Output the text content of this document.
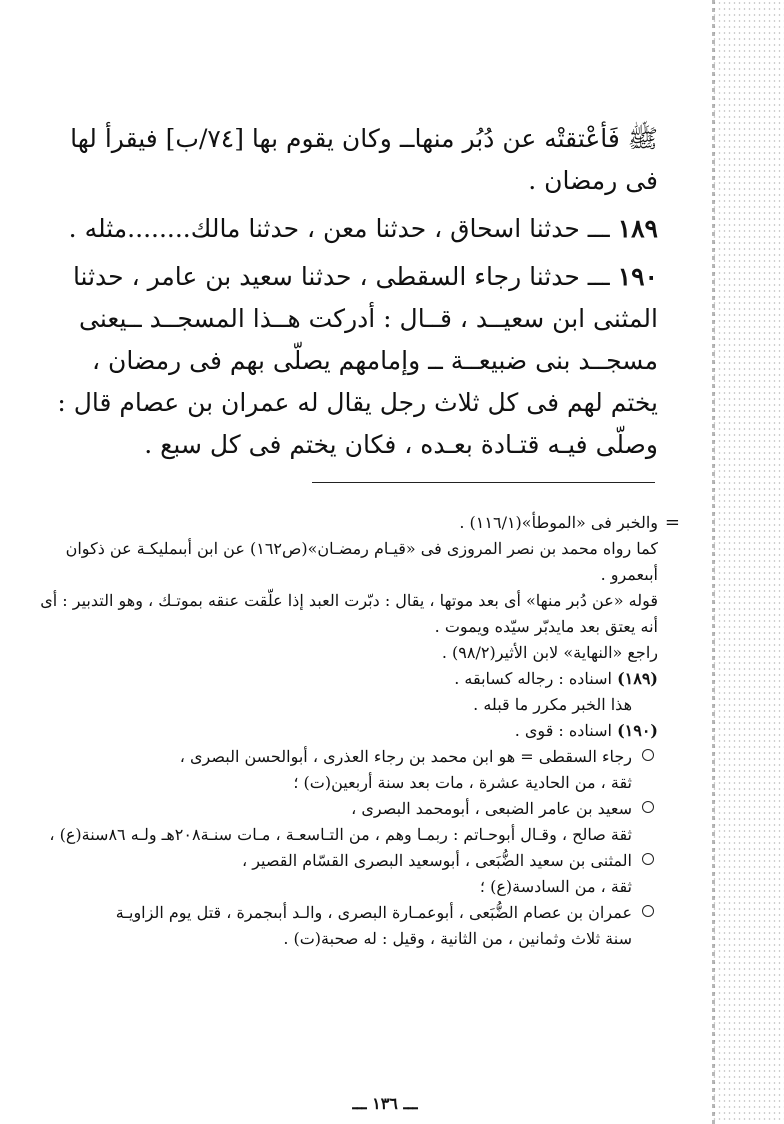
ﷺ فَأعْتقتْه عن دُبُر منهاــ وكان يقوم بها [٧٤/ب] فيقرأ لها فى رمضان .

١٨٩ ـــ حدثنا اسحاق ، حدثنا معن ، حدثنا مالك........مثله .

١٩٠ ـــ حدثنا رجاء السقطى ، حدثنا سعيد بن عامر ، حدثنا المثنى ابن سعيــد ، قــال : أدركت هــذا المسجــد ــيعنى مسجــد بنى ضبيعــة ــ وإمامهم يصلّى بهم فى رمضان ، يختم لهم فى كل ثلاث رجل يقال له عمران بن عصام قال : وصلّى فيـه قتـادة بعـده ، فكان يختم فى كل سبع .

=
والخبر فى «الموطأ»(١١٦/١) .

كما رواه محمد بن نصر المروزى فى «قيـام رمضـان»(ص١٦٢) عن ابن أبىمليكـة عن ذكوان أبىعمرو .

قوله «عن دُبر منها» أى بعد موتها ، يقال : دبّرت العبد إذا علّقت عنقه بموتـك ، وهو التدبير : أى أنه يعتق بعد مايدبّر سيّده ويموت .

راجع «النهاية» لابن الأثير(٩٨/٢) .

(١٨٩) اسناده : رجاله كسابقه .

هذا الخبر مكرر ما قبله .

(١٩٠) اسناده : قوى .

رجاء السقطى = هو ابن محمد بن رجاء العذرى ، أبوالحسن البصرى ،

ثقة ، من الحادية عشرة ، مات بعد سنة أربعين(ت) ؛

سعيد بن عامر الضبعى ، أبومحمد البصرى ،

ثقة صالح ، وقـال أبوحـاتم : ربمـا وهم ، من التـاسعـة ، مـات سنـة٢٠٨هـ ولـه ٨٦سنة(ع) ،

المثنى بن سعيد الضُّبَعى ، أبوسعيد البصرى القسّام القصير ،

ثقة ، من السادسة(ع) ؛

عمران بن عصام الضُّبَعى ، أبوعمـارة البصرى ، والـد أبىجمرة ، قتل يوم الزاويـة

سنة ثلاث وثمانين ، من الثانية ، وقيل : له صحبة(ت) .

ـــ ١٣٦ ـــ
